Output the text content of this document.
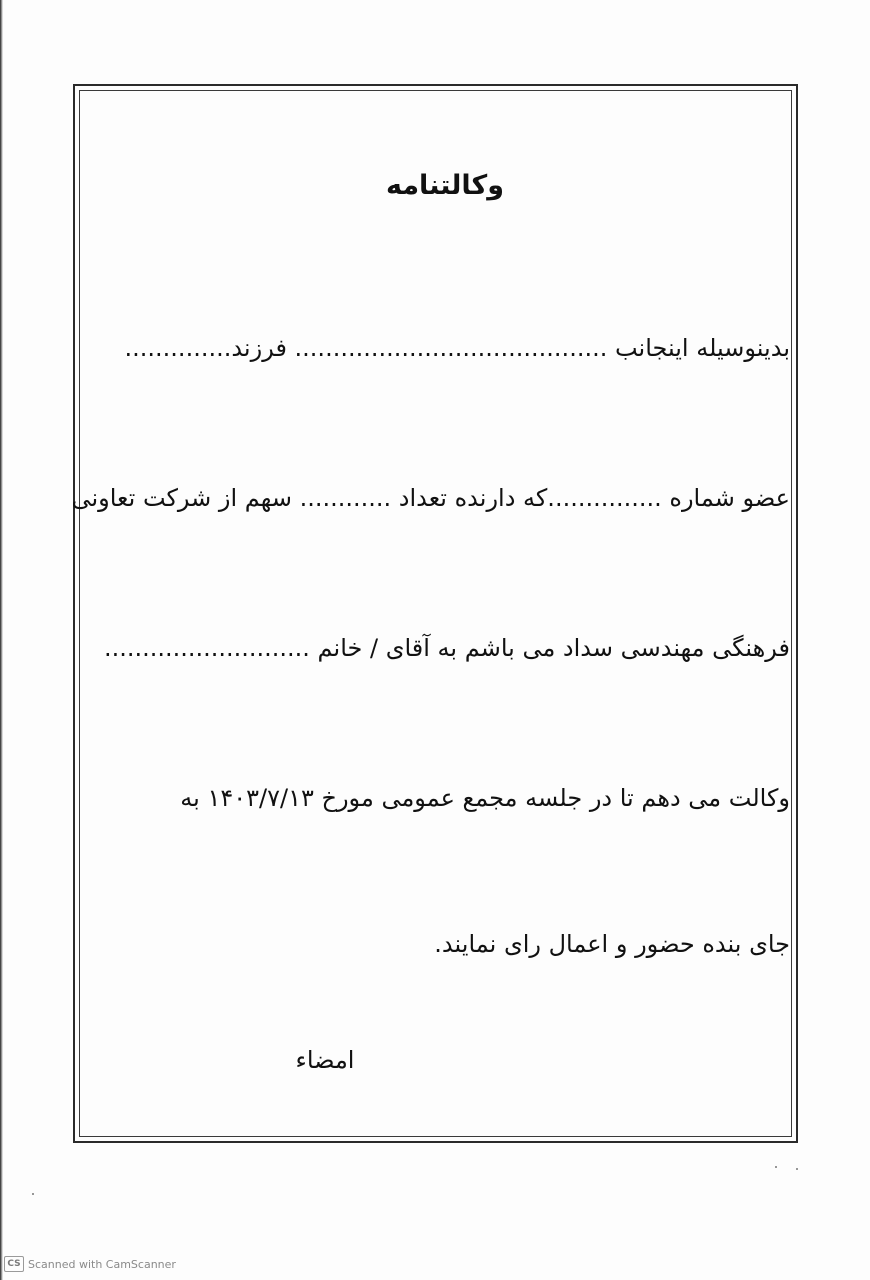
وکالتنامه
بدینوسیله اینجانب ......................................... فرزند..............
عضو شماره ...............که دارنده تعداد ............ سهم از شرکت تعاونی
فرهنگی مهندسی سداد می باشم به آقای / خانم ...........................
وکالت می دهم تا در جلسه مجمع عمومی مورخ ۱۴۰۳/۷/۱۳ به
جای بنده حضور و اعمال رای نمایند.
امضاء
CS Scanned with CamScanner
